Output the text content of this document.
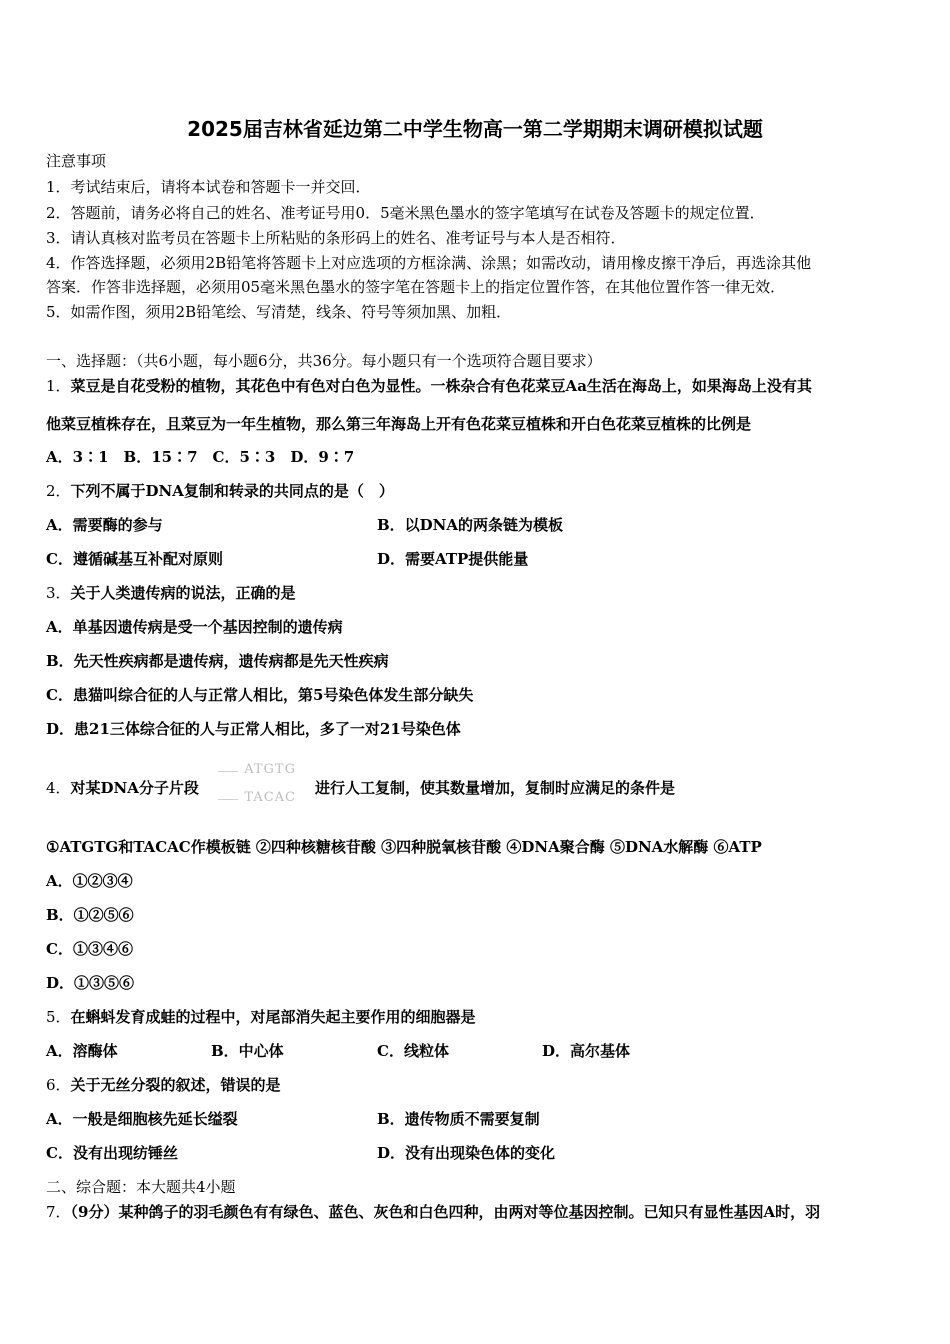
2025届吉林省延边第二中学生物高一第二学期期末调研模拟试题
注意事项
1．考试结束后，请将本试卷和答题卡一并交回．
2．答题前，请务必将自己的姓名、准考证号用0．5毫米黑色墨水的签字笔填写在试卷及答题卡的规定位置．
3．请认真核对监考员在答题卡上所粘贴的条形码上的姓名、准考证号与本人是否相符．
4．作答选择题，必须用2B铅笔将答题卡上对应选项的方框涂满、涂黑；如需改动，请用橡皮擦干净后，再选涂其他
答案．作答非选择题，必须用05毫米黑色墨水的签字笔在答题卡上的指定位置作答，在其他位置作答一律无效．
5．如需作图，须用2B铅笔绘、写清楚，线条、符号等须加黑、加粗．
一、选择题：（共6小题，每小题6分，共36分。每小题只有一个选项符合题目要求）
1．菜豆是自花受粉的植物，其花色中有色对白色为显性。一株杂合有色花菜豆Aa生活在海岛上，如果海岛上没有其
他菜豆植株存在，且菜豆为一年生植物，那么第三年海岛上开有色花菜豆植株和开白色花菜豆植株的比例是
A．3∶1　B．15∶7　C．5∶3　D．9∶7
2．下列不属于DNA复制和转录的共同点的是（　）
A．需要酶的参与	B．以DNA的两条链为模板
C．遵循碱基互补配对原则	D．需要ATP提供能量
3．关于人类遗传病的说法，正确的是
A．单基因遗传病是受一个基因控制的遗传病
B．先天性疾病都是遗传病，遗传病都是先天性疾病
C．患猫叫综合征的人与正常人相比，第5号染色体发生部分缺失
D．患21三体综合征的人与正常人相比，多了一对21号染色体
4．对某DNA分子片段
ATGTG
TACAC
进行人工复制，使其数量增加，复制时应满足的条件是
①ATGTG和TACAC作模板链 ②四种核糖核苷酸 ③四种脱氧核苷酸 ④DNA聚合酶 ⑤DNA水解酶 ⑥ATP
A．①②③④
B．①②⑤⑥
C．①③④⑥
D．①③⑤⑥
5．在蝌蚪发育成蛙的过程中，对尾部消失起主要作用的细胞器是
A．溶酶体	B．中心体	C．线粒体	D．高尔基体
6．关于无丝分裂的叙述，错误的是
A．一般是细胞核先延长缢裂	B．遗传物质不需要复制
C．没有出现纺锤丝	D．没有出现染色体的变化
二、综合题：本大题共4小题
7．（9分）某种鸽子的羽毛颜色有有绿色、蓝色、灰色和白色四种，由两对等位基因控制。已知只有显性基因A时，羽
